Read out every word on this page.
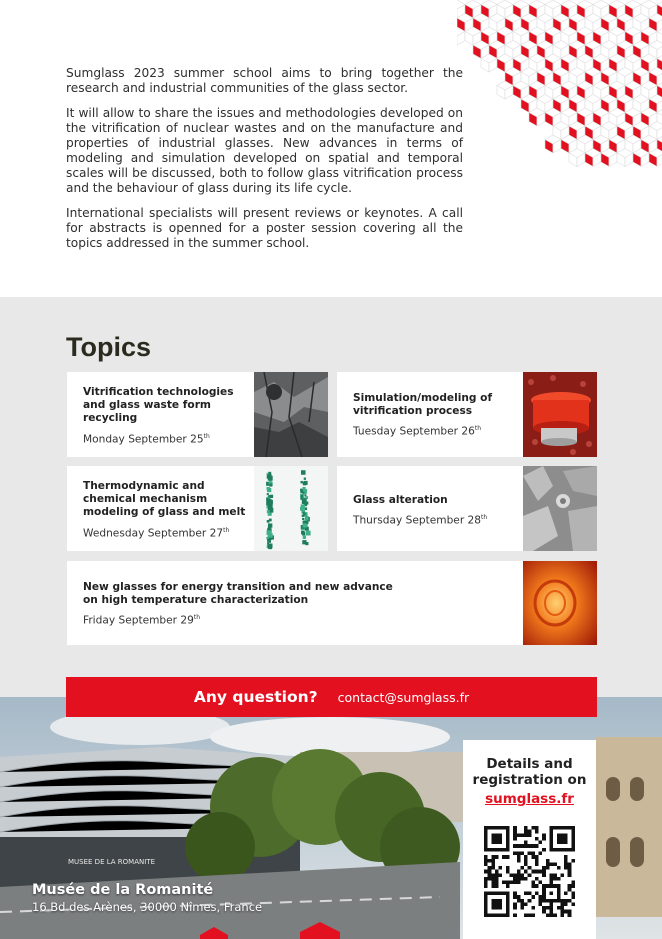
Sumglass 2023 summer school aims to bring together the research and industrial communities of the glass sector.

It will allow to share the issues and methodologies developed on the vitrification of nuclear wastes and on the manufacture and properties of industrial glasses. New advances in terms of modeling and simulation developed on spatial and temporal scales will be discussed, both to follow glass vitrification process and the behaviour of glass during its life cycle.

International specialists will present reviews or keynotes. A call for abstracts is openned for a poster session covering all the topics addressed in the summer school.

Topics
Vitrification technologies and glass waste form recycling
Monday September 25th
Simulation/modeling of vitrification process
Tuesday September 26th
Thermodynamic and chemical mechanism modeling of glass and melt
Wednesday September 27th
Glass alteration
Thursday September 28th
New glasses for energy transition and new advance on high temperature characterization
Friday September 29th
MUSEE DE LA ROMANITE
Musée de la Romanité
16 Bd des Arènes, 30000 Nîmes, France
Details and
registration on
sumglass.fr
Any question? contact@sumglass.fr
